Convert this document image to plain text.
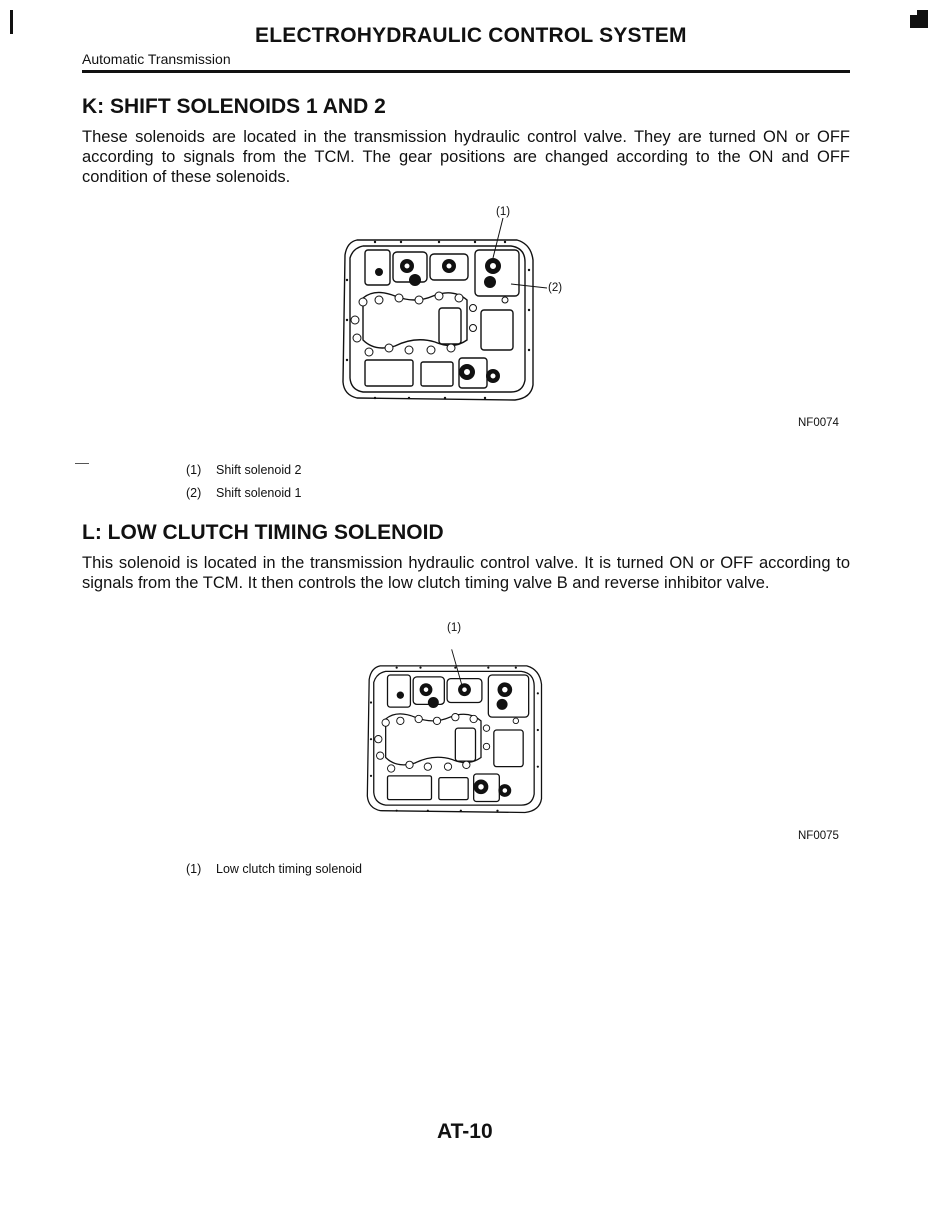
ELECTROHYDRAULIC CONTROL SYSTEM
Automatic Transmission
K: SHIFT SOLENOIDS 1 AND 2
These solenoids are located in the transmission hydraulic control valve. They are turned ON or OFF according to signals from the TCM. The gear positions are changed according to the ON and OFF condition of these solenoids.
(1)
(2)
NF0074
(1) Shift solenoid 2
(2) Shift solenoid 1
L: LOW CLUTCH TIMING SOLENOID
This solenoid is located in the transmission hydraulic control valve. It is turned ON or OFF according to signals from the TCM. It then controls the low clutch timing valve B and reverse inhibitor valve.
(1)
NF0075
(1) Low clutch timing solenoid
AT-10
